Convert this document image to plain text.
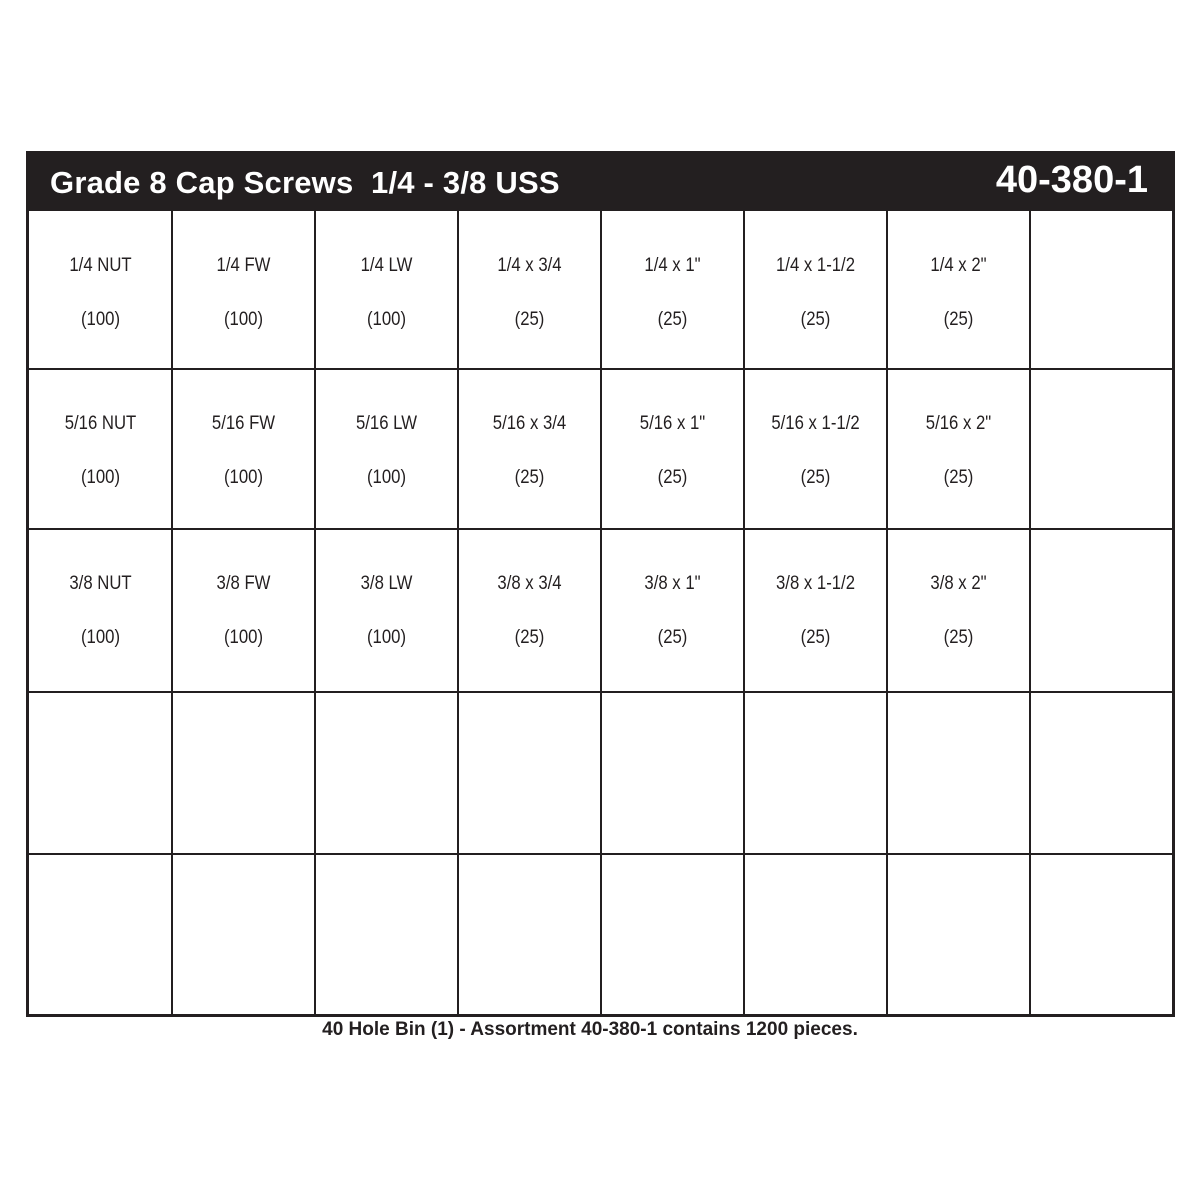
Grade 8 Cap Screws  1/4 - 3/8 USS	40-380-1
1/4 NUT
(100)
1/4 FW
(100)
1/4 LW
(100)
1/4 x 3/4
(25)
1/4 x 1"
(25)
1/4 x 1-1/2
(25)
1/4 x 2"
(25)
5/16 NUT
(100)
5/16 FW
(100)
5/16 LW
(100)
5/16 x 3/4
(25)
5/16 x 1"
(25)
5/16 x 1-1/2
(25)
5/16 x 2"
(25)
3/8 NUT
(100)
3/8 FW
(100)
3/8 LW
(100)
3/8 x 3/4
(25)
3/8 x 1"
(25)
3/8 x 1-1/2
(25)
3/8 x 2"
(25)
40 Hole Bin (1) - Assortment 40-380-1 contains 1200 pieces.
